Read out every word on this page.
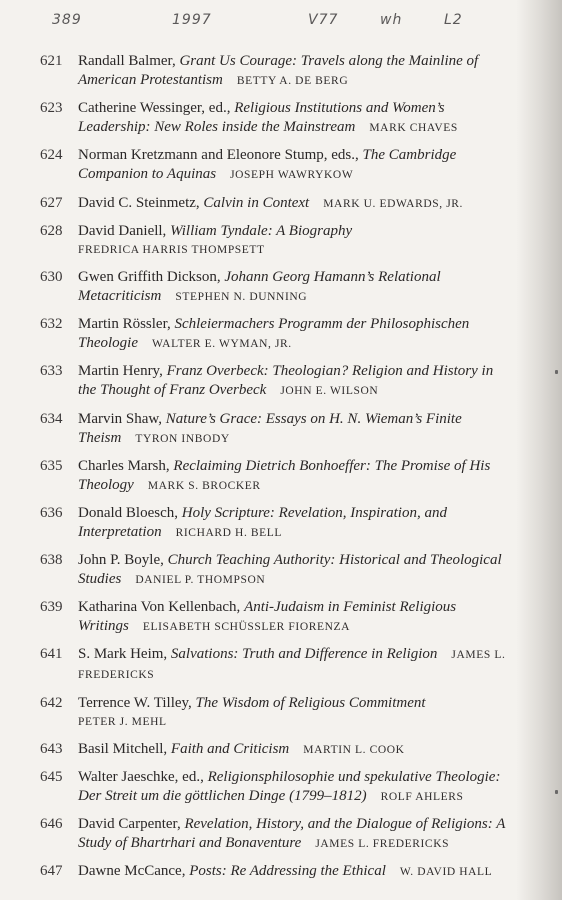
389	1997	V77	wh	L2
621	Randall Balmer, Grant Us Courage: Travels along the Mainline of American Protestantism BETTY A. DE BERG
623	Catherine Wessinger, ed., Religious Institutions and Women’s Leadership: New Roles inside the Mainstream MARK CHAVES
624	Norman Kretzmann and Eleonore Stump, eds., The Cambridge Companion to Aquinas JOSEPH WAWRYKOW
627	David C. Steinmetz, Calvin in Context MARK U. EDWARDS, JR.
628	David Daniell, William Tyndale: A Biography
FREDRICA HARRIS THOMPSETT
630	Gwen Griffith Dickson, Johann Georg Hamann’s Relational Metacriticism STEPHEN N. DUNNING
632	Martin Rössler, Schleiermachers Programm der Philosophischen Theologie WALTER E. WYMAN, JR.
633	Martin Henry, Franz Overbeck: Theologian? Religion and History in the Thought of Franz Overbeck JOHN E. WILSON
634	Marvin Shaw, Nature’s Grace: Essays on H. N. Wieman’s Finite Theism TYRON INBODY
635	Charles Marsh, Reclaiming Dietrich Bonhoeffer: The Promise of His Theology MARK S. BROCKER
636	Donald Bloesch, Holy Scripture: Revelation, Inspiration, and Interpretation RICHARD H. BELL
638	John P. Boyle, Church Teaching Authority: Historical and Theological Studies DANIEL P. THOMPSON
639	Katharina Von Kellenbach, Anti-Judaism in Feminist Religious Writings ELISABETH SCHÜSSLER FIORENZA
641	S. Mark Heim, Salvations: Truth and Difference in Religion JAMES L. FREDERICKS
642	Terrence W. Tilley, The Wisdom of Religious Commitment
PETER J. MEHL
643	Basil Mitchell, Faith and Criticism MARTIN L. COOK
645	Walter Jaeschke, ed., Religionsphilosophie und spekulative Theologie: Der Streit um die göttlichen Dinge (1799–1812) ROLF AHLERS
646	David Carpenter, Revelation, History, and the Dialogue of Religions: A Study of Bhartrhari and Bonaventure JAMES L. FREDERICKS
647	Dawne McCance, Posts: Re Addressing the Ethical W. DAVID HALL
